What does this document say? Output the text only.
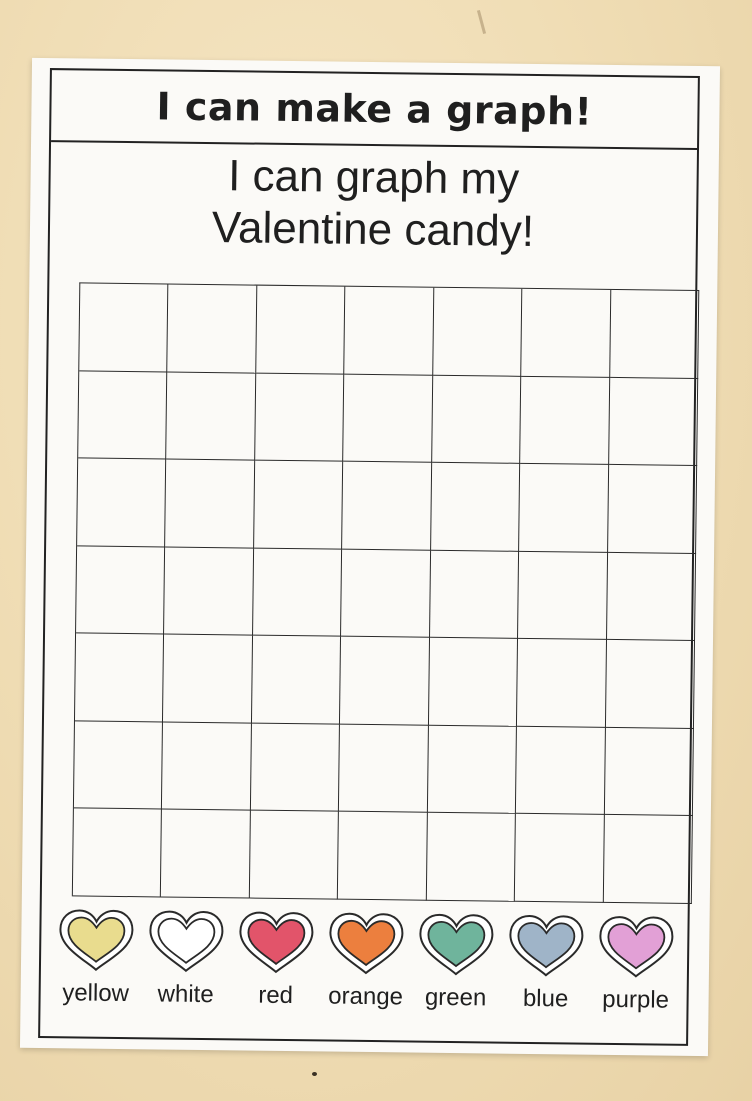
I can make a graph!
I can graph my
Valentine candy!
yellow white red orange green blue purple
